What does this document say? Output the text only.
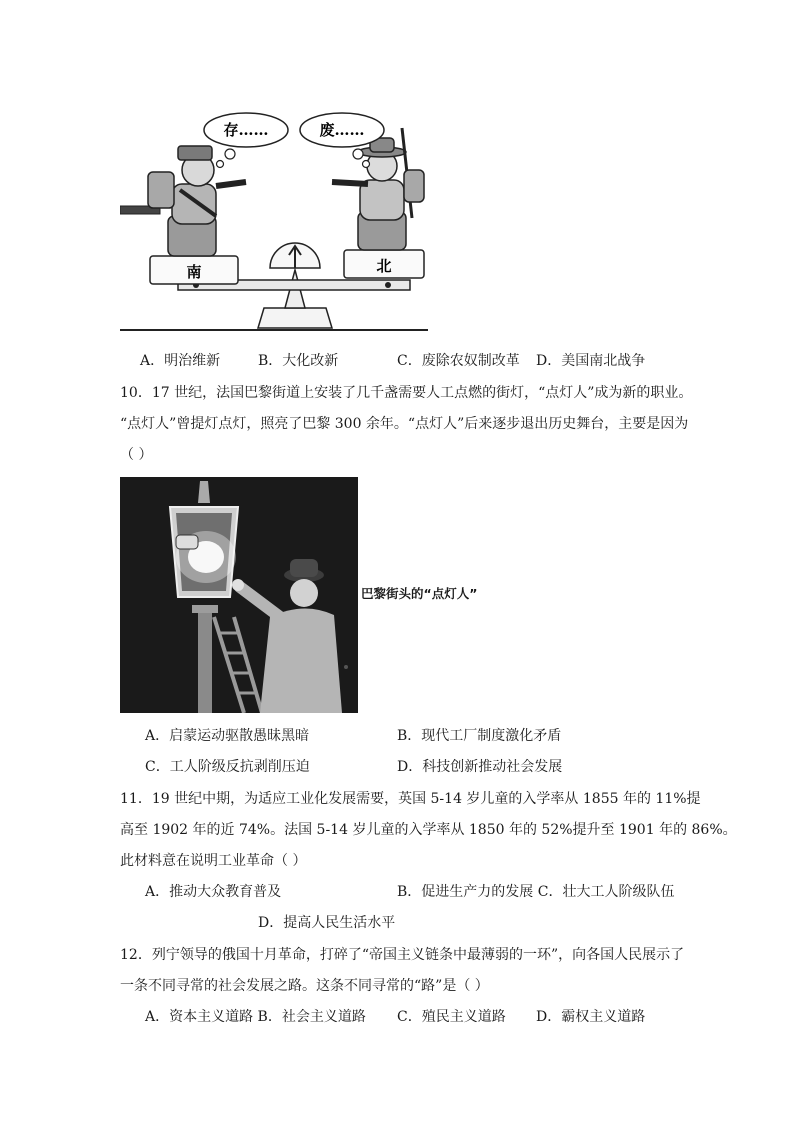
存……	废……
南	北
A．明治维新	B．大化改新	C．废除农奴制改革 D．美国南北战争
10．17 世纪，法国巴黎街道上安装了几千盏需要人工点燃的街灯，“点灯人”成为新的职业。
“点灯人”曾提灯点灯，照亮了巴黎 300 余年。“点灯人”后来逐步退出历史舞台，主要是因为
（ ）
巴黎街头的“点灯人”
A．启蒙运动驱散愚昧黑暗	B．现代工厂制度激化矛盾
C．工人阶级反抗剥削压迫	D．科技创新推动社会发展
11．19 世纪中期，为适应工业化发展需要，英国 5-14 岁儿童的入学率从 1855 年的 11%提
高至 1902 年的近 74%。法国 5-14 岁儿童的入学率从 1850 年的 52%提升至 1901 年的 86%。
此材料意在说明工业革命（ ）
A．推动大众教育普及	B．促进生产力的发展 C．壮大工人阶级队伍
D．提高人民生活水平
12．列宁领导的俄国十月革命，打碎了“帝国主义链条中最薄弱的一环”，向各国人民展示了
一条不同寻常的社会发展之路。这条不同寻常的“路”是（ ）
A．资本主义道路 B．社会主义道路 C．殖民主义道路 D．霸权主义道路
